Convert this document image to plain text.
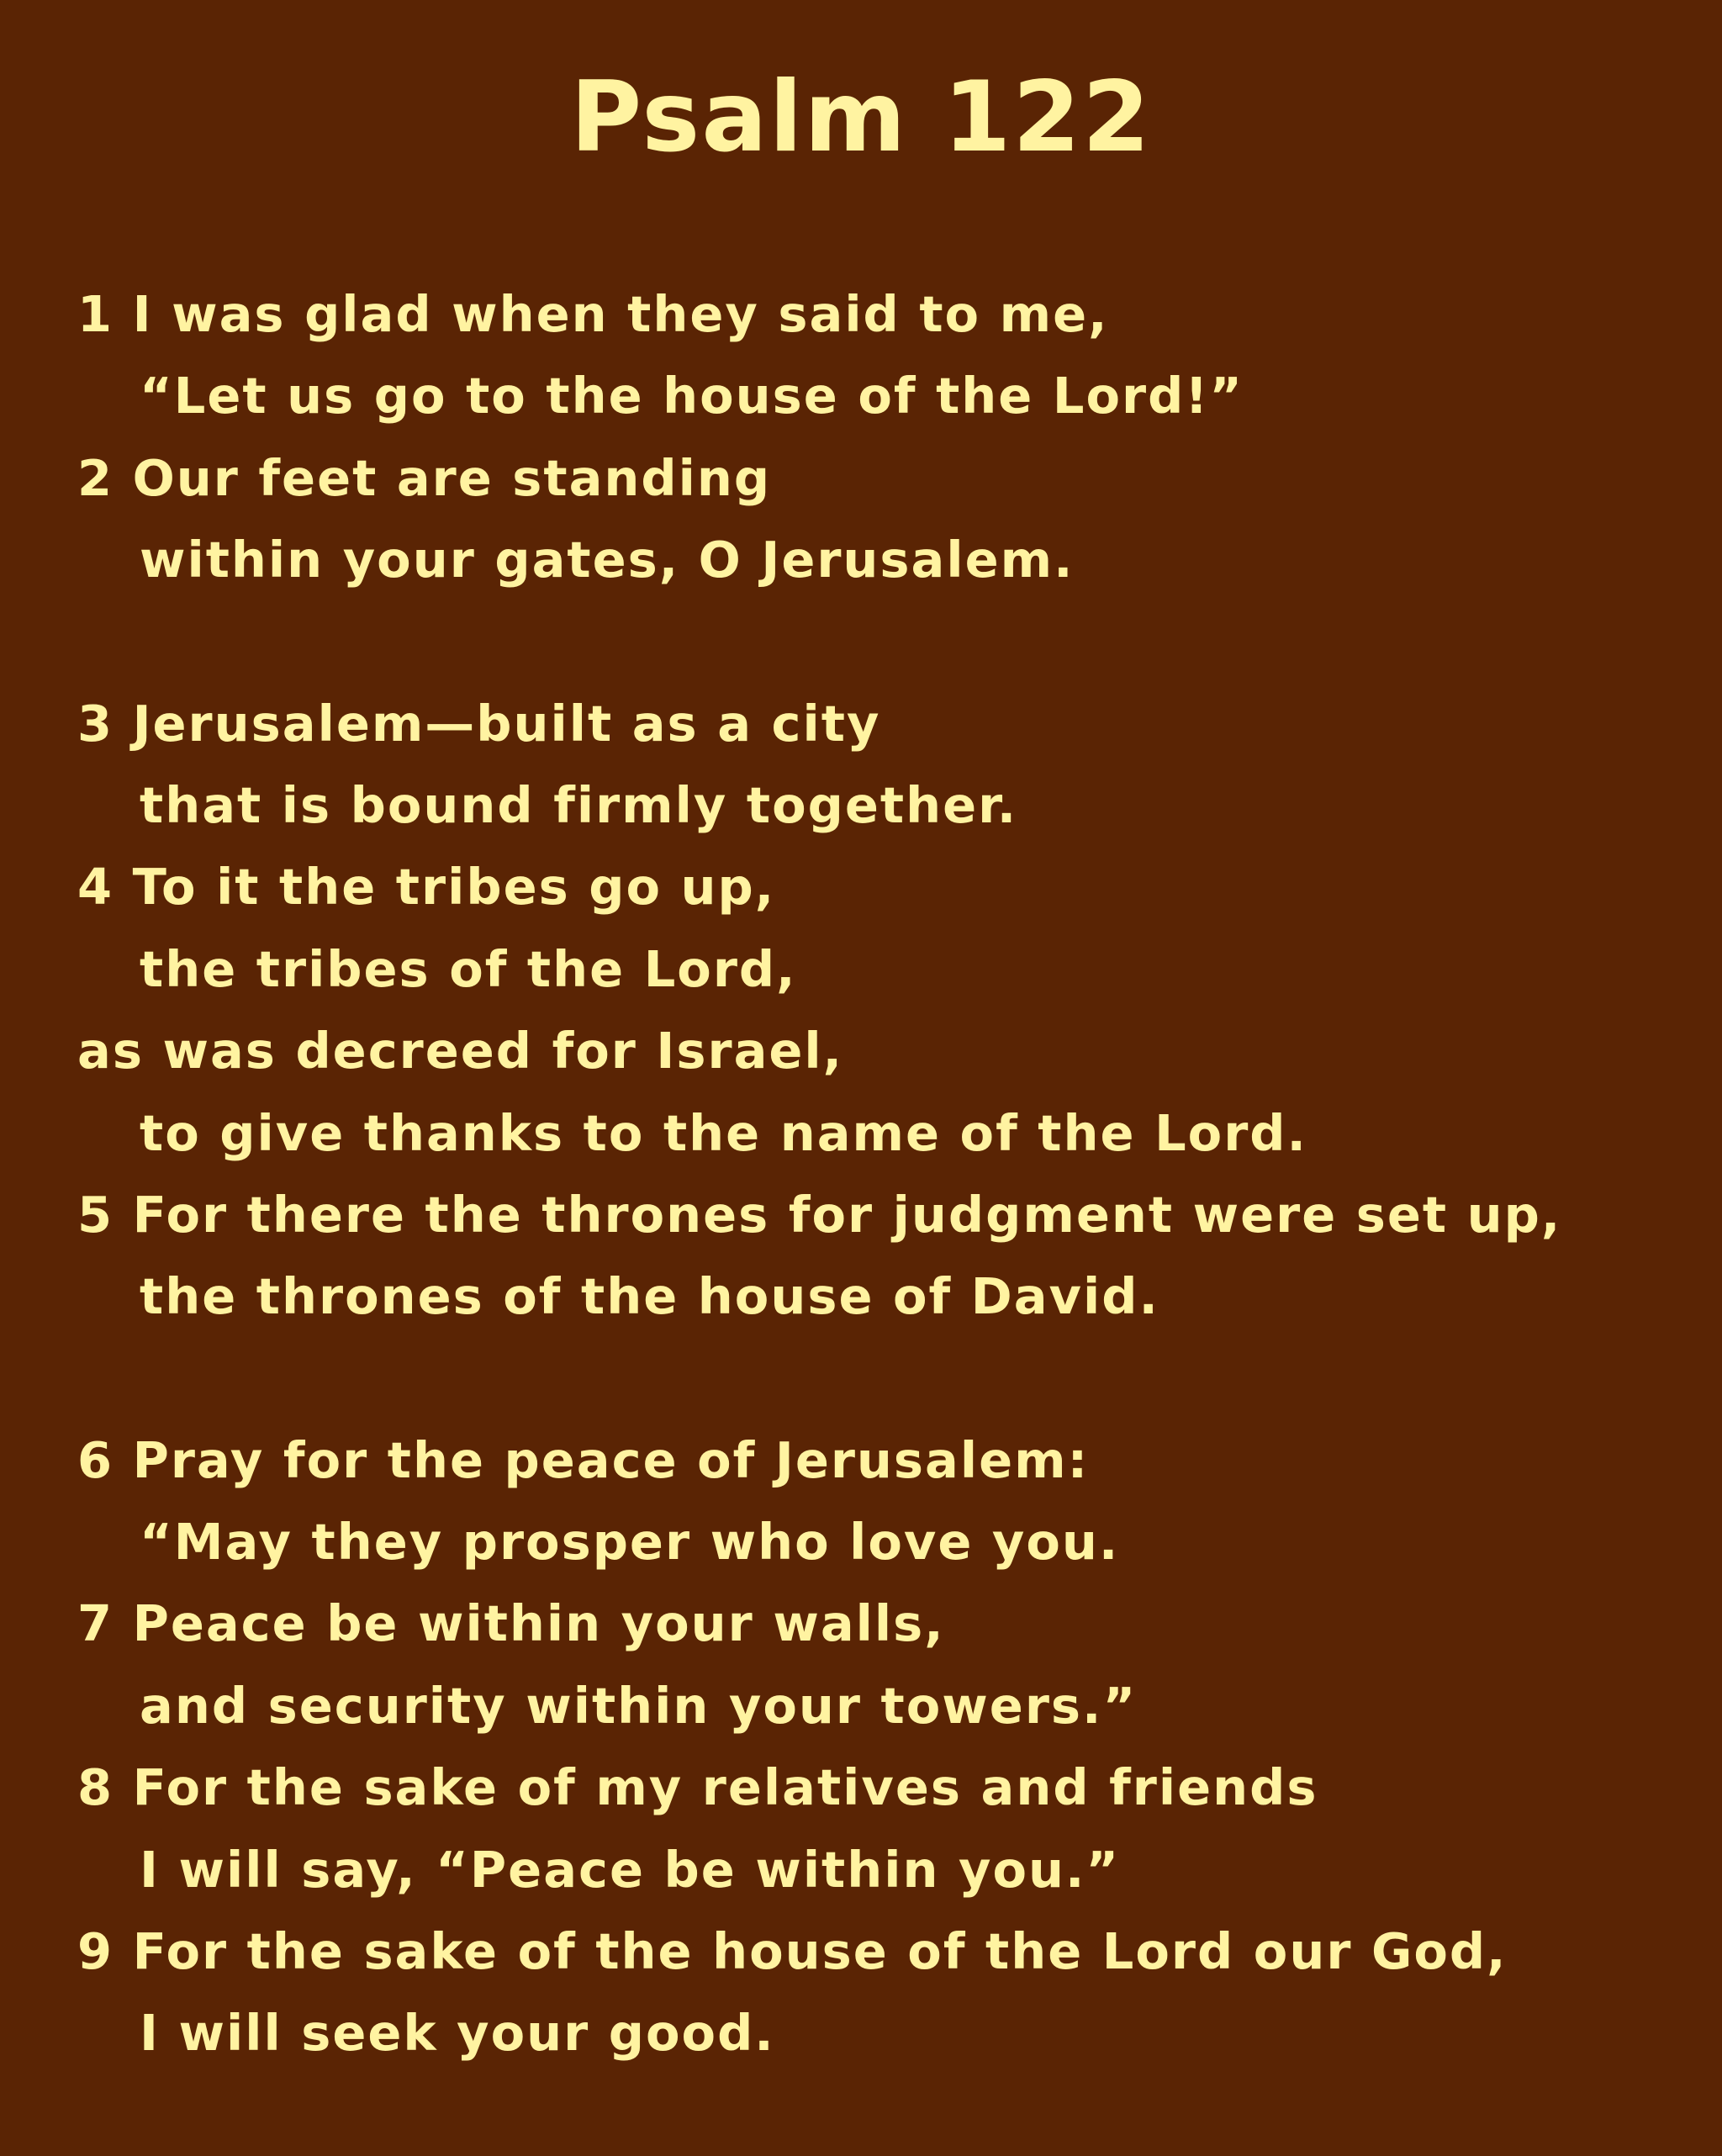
Psalm 122
1 I was glad when they said to me,
“Let us go to the house of the Lord!”
2 Our feet are standing
within your gates, O Jerusalem.
3 Jerusalem—built as a city
that is bound firmly together.
4 To it the tribes go up,
the tribes of the Lord,
as was decreed for Israel,
to give thanks to the name of the Lord.
5 For there the thrones for judgment were set up,
the thrones of the house of David.
6 Pray for the peace of Jerusalem:
“May they prosper who love you.
7 Peace be within your walls,
and security within your towers.”
8 For the sake of my relatives and friends
I will say, “Peace be within you.”
9 For the sake of the house of the Lord our God,
I will seek your good.
